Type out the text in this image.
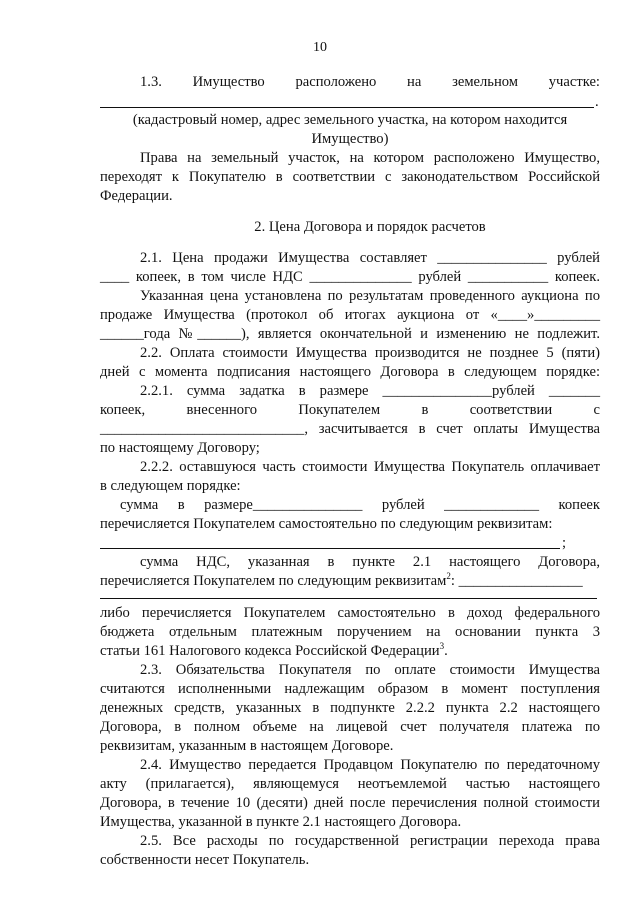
10
1.3. Имущество расположено на земельном участке:
.
(кадастровый номер, адрес земельного участка, на котором находится
Имущество)
Права на земельный участок, на котором расположено Имущество,
переходят к Покупателю в соответствии с законодательством Российской
Федерации.
2. Цена Договора и порядок расчетов
2.1. Цена продажи Имущества составляет _______________ рублей
____ копеек, в том числе НДС ______________ рублей ___________ копеек.
Указанная цена установлена по результатам проведенного аукциона по
продаже Имущества (протокол об итогах аукциона от «____»_________
______года №______), является окончательной и изменению не подлежит.
2.2. Оплата стоимости Имущества производится не позднее 5 (пяти)
дней с момента подписания настоящего Договора в следующем порядке:
2.2.1. сумма задатка в размере _______________рублей _______
копеек, внесенного Покупателем в соответствии с
____________________________, засчитывается в счет оплаты Имущества
по настоящему Договору;
2.2.2. оставшуюся часть стоимости Имущества Покупатель оплачивает
в следующем порядке:
сумма в размере_______________ рублей _____________ копеек
перечисляется Покупателем самостоятельно по следующим реквизитам:
;
сумма НДС, указанная в пункте 2.1 настоящего Договора,
перечисляется Покупателем по следующим реквизитам$^2$: _________________
либо перечисляется Покупателем самостоятельно в доход федерального
бюджета отдельным платежным поручением на основании пункта 3
статьи 161 Налогового кодекса Российской Федерации$^3$.
2.3. Обязательства Покупателя по оплате стоимости Имущества
считаются исполненными надлежащим образом в момент поступления
денежных средств, указанных в подпункте 2.2.2 пункта 2.2 настоящего
Договора, в полном объеме на лицевой счет получателя платежа по
реквизитам, указанным в настоящем Договоре.
2.4. Имущество передается Продавцом Покупателю по передаточному
акту (прилагается), являющемуся неотъемлемой частью настоящего
Договора, в течение 10 (десяти) дней после перечисления полной стоимости
Имущества, указанной в пункте 2.1 настоящего Договора.
2.5. Все расходы по государственной регистрации перехода права
собственности несет Покупатель.
